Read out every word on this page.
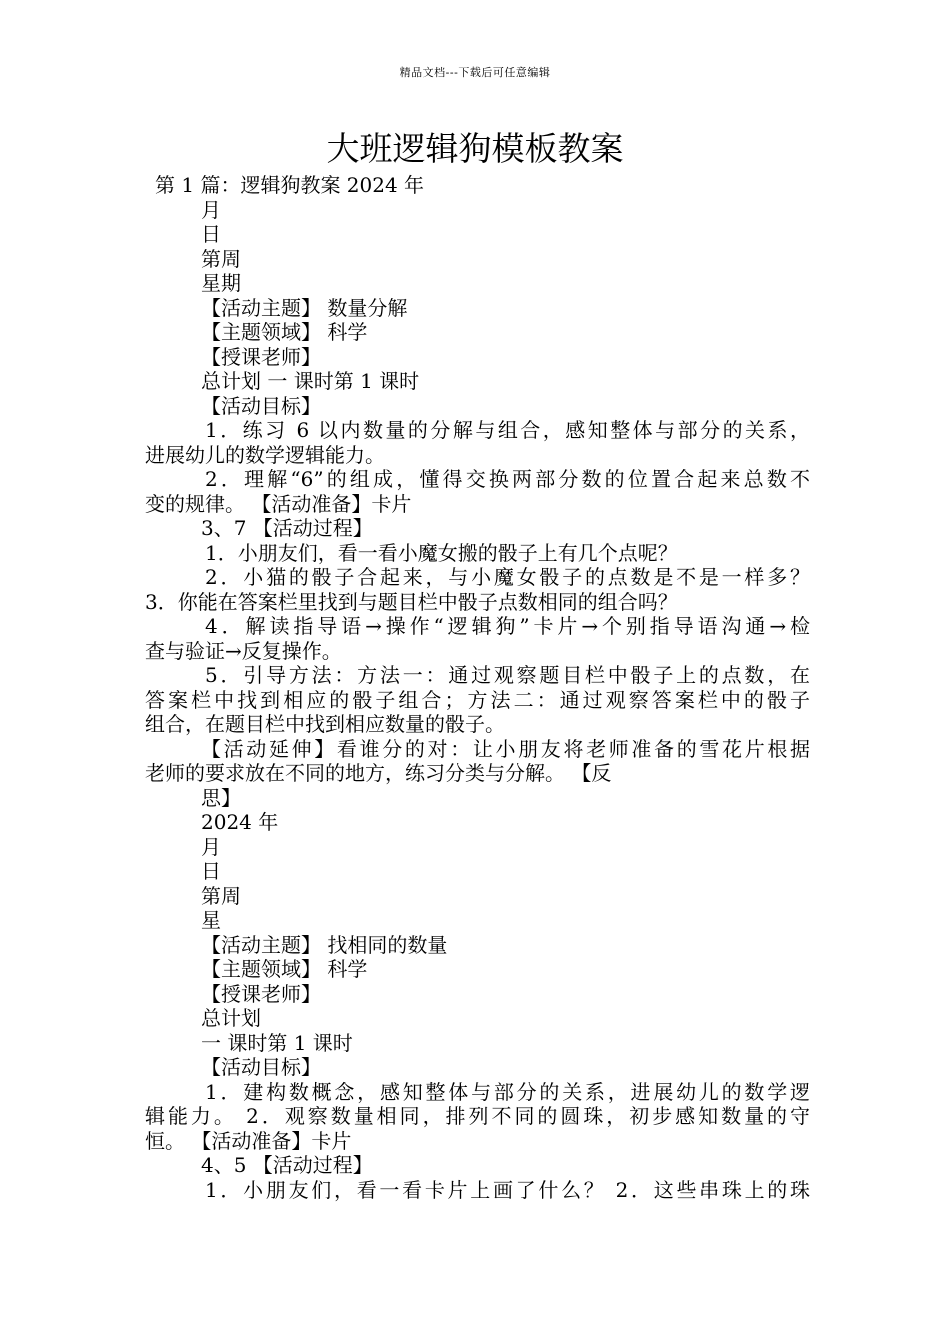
精品文档---下载后可任意编辑
大班逻辑狗模板教案
第 1 篇：逻辑狗教案 2024 年
月
日
第周
星期
【活动主题】 数量分解
【主题领域】 科学
【授课老师】
总计划 一 课时第 1 课时
【活动目标】
1．练习 6 以内数量的分解与组合，感知整体与部分的关系，
进展幼儿的数学逻辑能力。
2．理解“6”的组成，懂得交换两部分数的位置合起来总数不
变的规律。 【活动准备】卡片
3、7 【活动过程】
1．小朋友们，看一看小魔女搬的骰子上有几个点呢？
2．小猫的骰子合起来，与小魔女骰子的点数是不是一样多？
3．你能在答案栏里找到与题目栏中骰子点数相同的组合吗？
4．解读指导语→操作“逻辑狗”卡片→个别指导语沟通→检
查与验证→反复操作。
5．引导方法：方法一：通过观察题目栏中骰子上的点数，在
答案栏中找到相应的骰子组合；方法二：通过观察答案栏中的骰子
组合，在题目栏中找到相应数量的骰子。
【活动延伸】看谁分的对：让小朋友将老师准备的雪花片根据
老师的要求放在不同的地方，练习分类与分解。 【反
思】
2024 年
月
日
第周
星
【活动主题】 找相同的数量
【主题领域】 科学
【授课老师】
总计划
一 课时第 1 课时
【活动目标】
1．建构数概念，感知整体与部分的关系，进展幼儿的数学逻
辑能力。 2．观察数量相同，排列不同的圆珠，初步感知数量的守
恒。 【活动准备】卡片
4、5 【活动过程】
1．小朋友们，看一看卡片上画了什么？ 2．这些串珠上的珠
